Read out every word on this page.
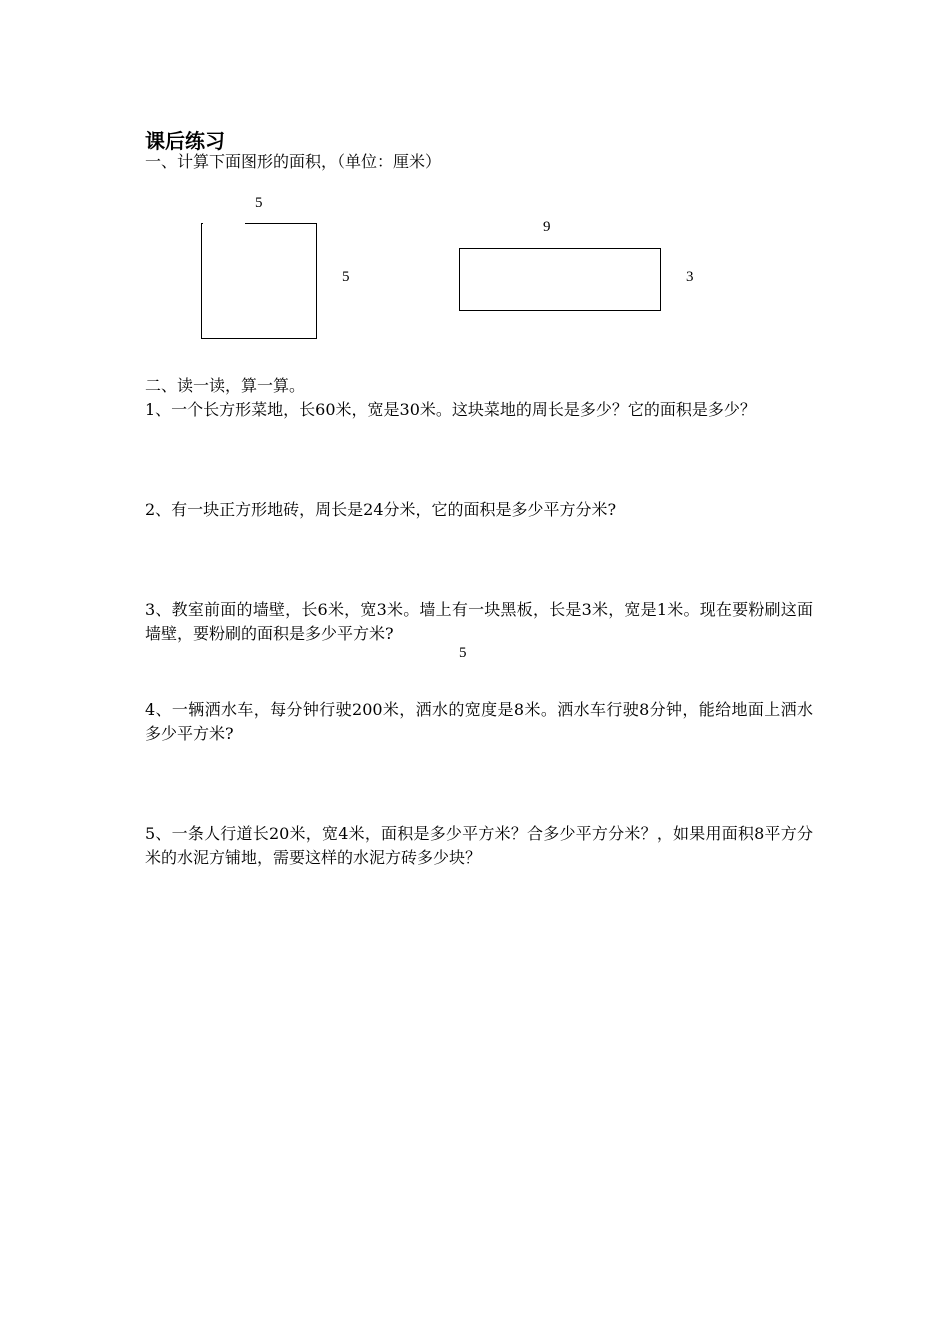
课后练习
一、计算下面图形的面积，（单位：厘米）
5
5
9
3
二、读一读，算一算。
1、一个长方形菜地，长60米，宽是30米。这块菜地的周长是多少？它的面积是多少？
2、有一块正方形地砖，周长是24分米，它的面积是多少平方分米?
3、教室前面的墙壁，长6米，宽3米。墙上有一块黑板，长是3米，宽是1米。现在要粉刷这面墙壁，要粉刷的面积是多少平方米?
5
4、一辆洒水车，每分钟行驶200米，洒水的宽度是8米。洒水车行驶8分钟，能给地面上洒水多少平方米?
5、一条人行道长20米，宽4米，面积是多少平方米？合多少平方分米？，如果用面积8平方分米的水泥方铺地，需要这样的水泥方砖多少块？
